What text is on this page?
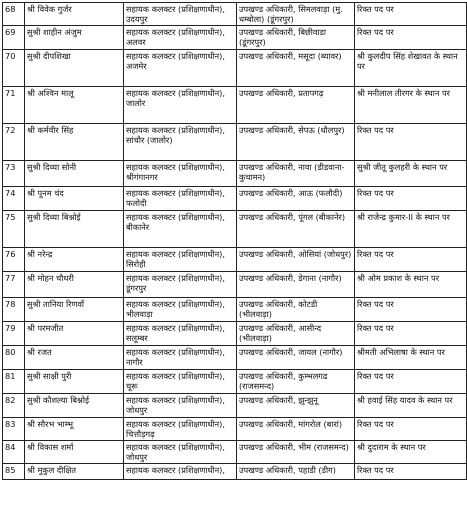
68	श्री विवेक गुर्जर	सहायक कलक्टर (प्रशिक्षणाधीन), उदयपुर	उपखण्ड अधिकारी, सिमलवाड़ा (मु. धम्बोला) (डूंगरपुर)	रिक्त पद पर
69	सुश्री शाहीन अंजुम	सहायक कलक्टर (प्रशिक्षणाधीन), अलवर	उपखण्ड अधिकारी, बिछीवाडा (डूंगरपुर)	रिक्त पद पर
70	सुश्री दीपशिखा	सहायक कलक्टर (प्रशिक्षणाधीन), अजमेर	उपखण्ड अधिकारी, मसूदा (ब्यावर)	श्री कुलदीप सिंह शेखावत के स्थान पर
71	श्री अश्विन मालू	सहायक कलक्टर (प्रशिक्षणाधीन), जालोर	उपखण्ड अधिकारी, प्रतापगढ़	श्री मनीलाल तीरगर के स्थान पर
72	श्री कर्मवीर सिंह	सहायक कलक्टर (प्रशिक्षणाधीन), सांचौर (जालोर)	उपखण्ड अधिकारी, सेपऊ (धौलपुर)	रिक्त पद पर
73	सुश्री दिव्या सोनी	सहायक कलक्टर (प्रशिक्षणाधीन), श्रीगंगानगर	उपखण्ड अधिकारी, नावा (डीडवाना-कुचामन)	सुश्री जीतू कुलहरी के स्थान पर
74	श्री पूनम चंद	सहायक कलक्टर (प्रशिक्षणाधीन), फलोदी	उपखण्ड अधिकारी, आऊ (फलौदी)	रिक्त पद पर
75	सुश्री दिव्या बिश्नोई	सहायक कलक्टर (प्रशिक्षणाधीन), बीकानेर	उपखण्ड अधिकारी, पूंगल (बीकानेर)	श्री राजेन्द्र कुमार-II के स्थान पर
76	श्री नरेन्द्र	सहायक कलक्टर (प्रशिक्षणाधीन), सिरोही	उपखण्ड अधिकारी, ओसियां (जोधपुर)	रिक्त पद पर
77	श्री मोहन चौधरी	सहायक कलक्टर (प्रशिक्षणाधीन), डूंगरपुर	उपखण्ड अधिकारी, डेगाना (नागौर)	श्री ओम प्रकाश के स्थान पर
78	सुश्री तानिया रिणवॉं	सहायक कलक्टर (प्रशिक्षणाधीन), भीलवाड़ा	उपखण्ड अधिकारी, कोटडी (भीलवाड़ा)	रिक्त पद पर
79	श्री परमजीत	सहायक कलक्टर (प्रशिक्षणाधीन), सलूम्बर	उपखण्ड अधिकारी, आसीन्द (भीलवाड़ा)	रिक्त पद पर
80	श्री रजत	सहायक कलक्टर (प्रशिक्षणाधीन), नागौर	उपखण्ड अधिकारी, जायल (नागौर)	श्रीमती अभिलाषा के स्थान पर
81	सुश्री साक्षी पुरी	सहायक कलक्टर (प्रशिक्षणाधीन), चूरू	उपखण्ड अधिकारी, कुम्भलगढ (राजसमन्द)	रिक्त पद पर
82	सुश्री कौशल्या बिश्नोई	सहायक कलक्टर (प्रशिक्षणाधीन), जोधपुर	उपखण्ड अधिकारी, झुन्झुनू	श्री हवाई सिंह यादव के स्थान पर
83	श्री सौरभ भाम्भू	सहायक कलक्टर (प्रशिक्षणाधीन), चित्तौड़गढ़	उपखण्ड अधिकारी, मांगरोल (बारां)	रिक्त पद पर
84	श्री विकास शर्मा	सहायक कलक्टर (प्रशिक्षणाधीन), जोधपुर	उपखण्ड अधिकारी, भीम (राजसमन्द)	श्री दुदाराम के स्थान पर
85	श्री मुकुल दीक्षित	सहायक कलक्टर (प्रशिक्षणाधीन),	उपखण्ड अधिकारी, पहाडी (डीग)	रिक्त पद पर
